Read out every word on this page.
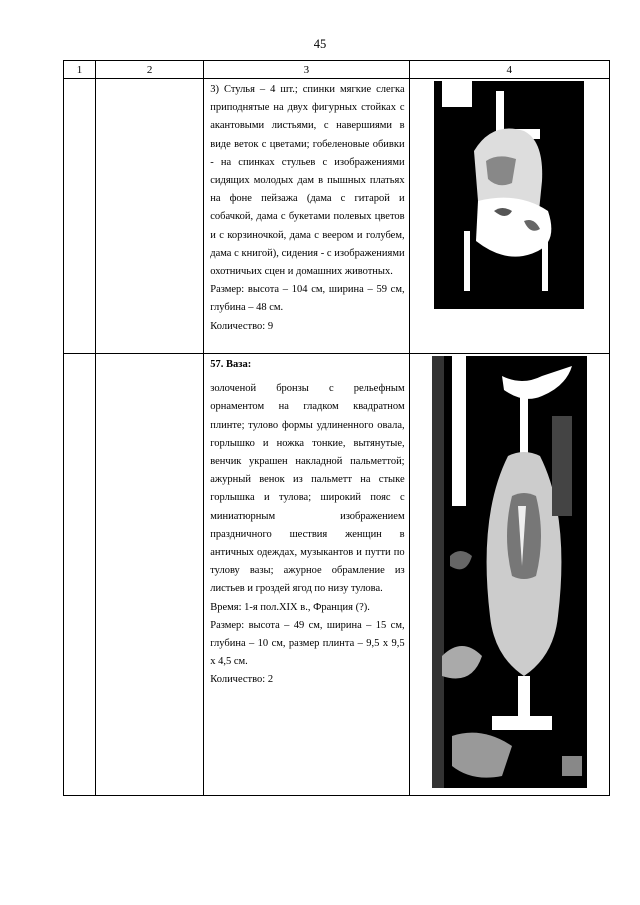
45
1	2	3	4

		3) Стулья – 4 шт.; спинки мягкие слегка приподнятые на двух фигурных стойках с акантовыми листьями, с навершиями в виде веток с цветами; гобеленовые обивки - на спинках стульев с изображениями сидящих молодых дам в пышных платьях на фоне пейзажа (дама с гитарой и собачкой, дама с букетами полевых цветов и с корзиночкой, дама с веером и голубем, дама с книгой), сидения - с изображениями охотничьих сцен и домашних животных.

Размер: высота – 104 см, ширина – 59 см, глубина – 48 см.

Количество: 9

		57. Ваза:

золоченой бронзы с рельефным орнаментом на гладком квадратном плинте; тулово формы удлиненного овала, горлышко и ножка тонкие, вытянутые, венчик украшен накладной пальметтой; ажурный венок из пальметт на стыке горлышка и тулова; широкий пояс с миниатюрным изображением праздничного шествия женщин в античных одеждах, музыкантов и путти по тулову вазы; ажурное обрамление из листьев и гроздей ягод по низу тулова.

Время: 1-я пол.XIX в., Франция (?).

Размер: высота – 49 см, ширина – 15 см, глубина – 10 см, размер плинта – 9,5 х 9,5 х 4,5 см.

Количество: 2
